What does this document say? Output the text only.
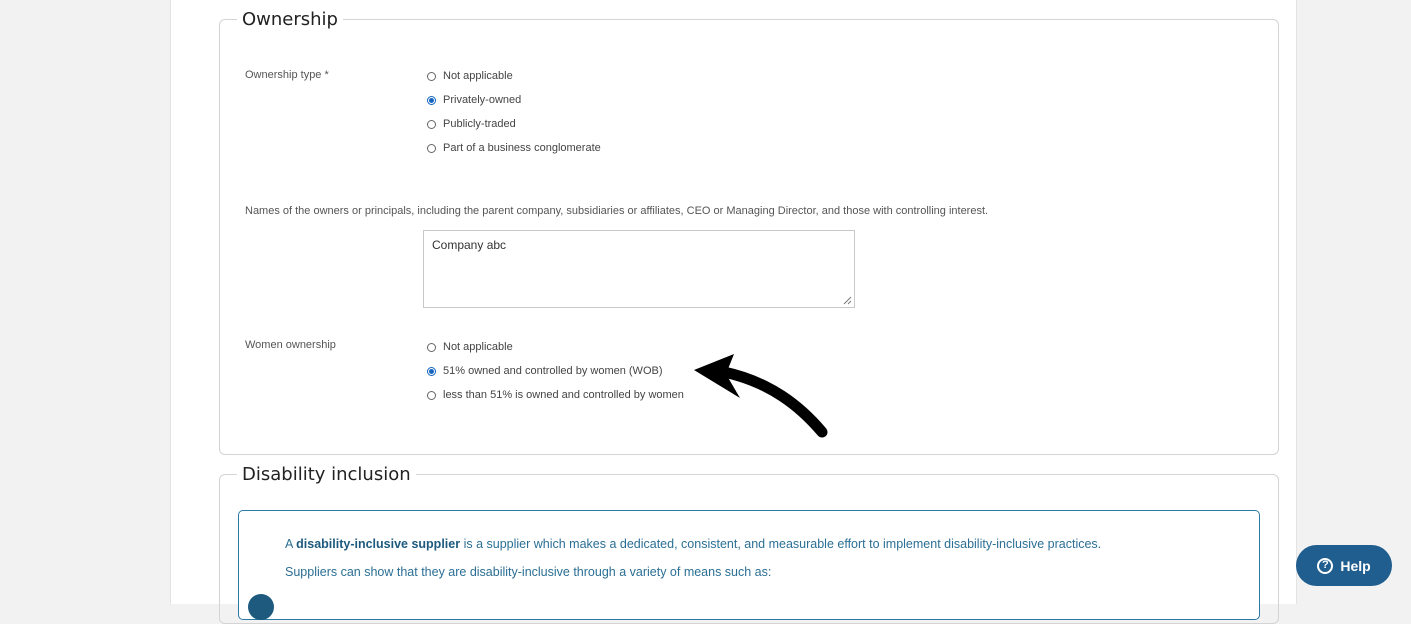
Ownership
Ownership type *	Not applicable
Privately-owned
Publicly-traded
Part of a business conglomerate
Names of the owners or principals, including the parent company, subsidiaries or affiliates, CEO or Managing Director, and those with controlling interest.
Company abc
Women ownership	Not applicable
51% owned and controlled by women (WOB)
less than 51% is owned and controlled by women
Disability inclusion
A disability-inclusive supplier is a supplier which makes a dedicated, consistent, and measurable effort to implement disability-inclusive practices.
Suppliers can show that they are disability-inclusive through a variety of means such as:	? Help
